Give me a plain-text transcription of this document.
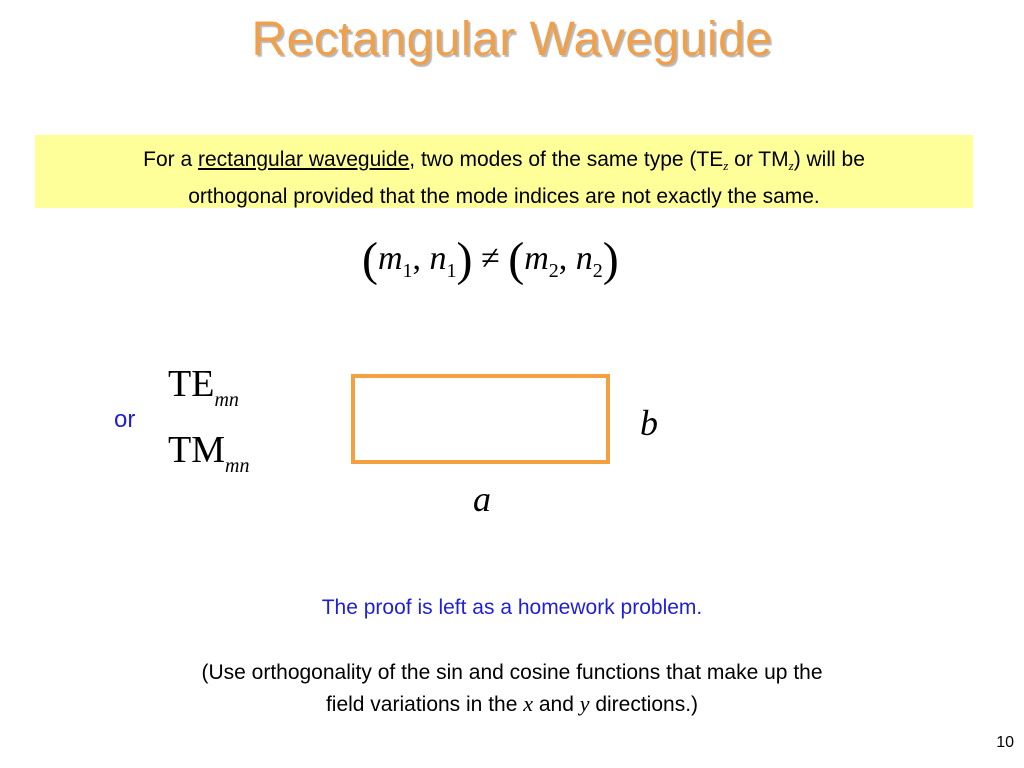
Rectangular Waveguide
For a rectangular waveguide, two modes of the same type ($TE_z$ or $TM_z$) will be
orthogonal provided that the mode indices are not exactly the same.
($m_1$, $n_1) \ne (m_2$, $n_2$)
$TE_{mn}$
or
$TM_{mn}$
b
a
The proof is left as a homework problem.
(Use orthogonality of the sin and cosine functions that make up the
field variations in the x and y directions.)
10
